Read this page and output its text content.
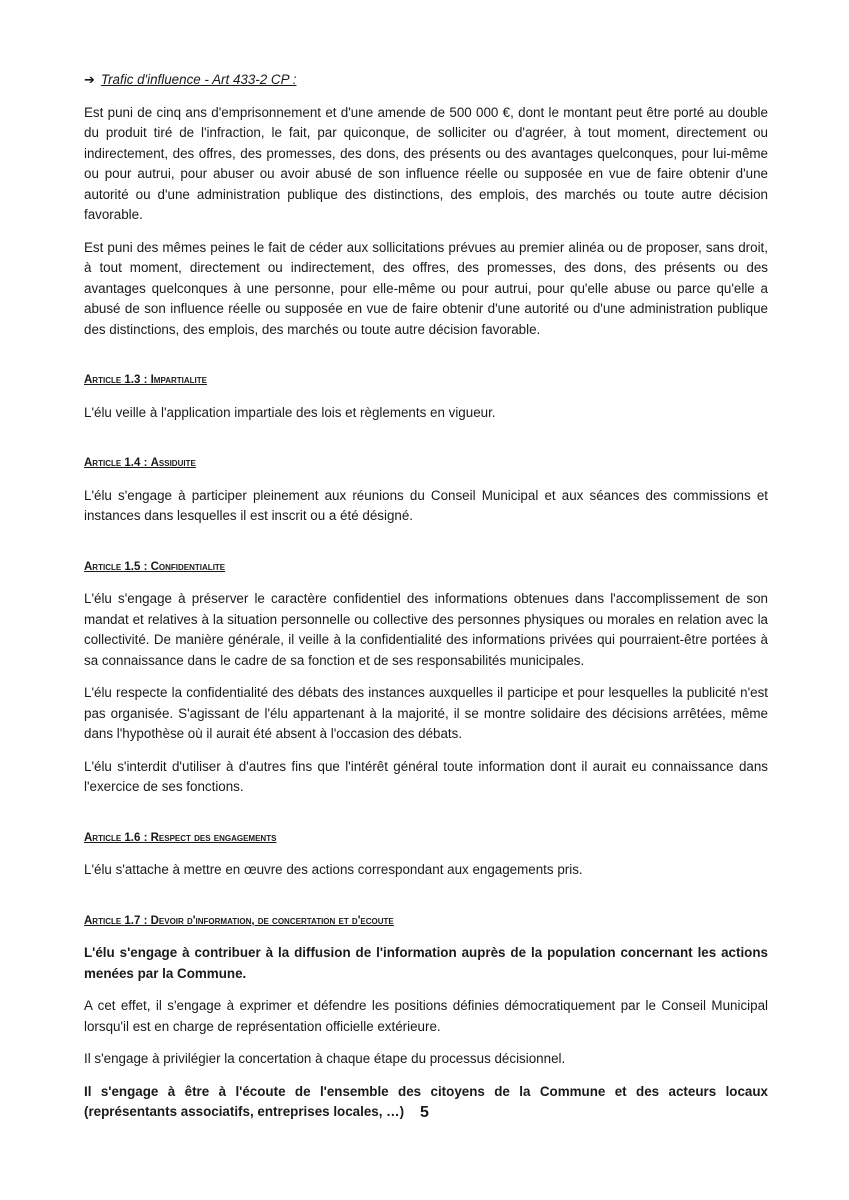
➔ Trafic d'influence - Art 433-2 CP :

Est puni de cinq ans d'emprisonnement et d'une amende de 500 000 €, dont le montant peut être porté au double du produit tiré de l'infraction, le fait, par quiconque, de solliciter ou d'agréer, à tout moment, directement ou indirectement, des offres, des promesses, des dons, des présents ou des avantages quelconques, pour lui-même ou pour autrui, pour abuser ou avoir abusé de son influence réelle ou supposée en vue de faire obtenir d'une autorité ou d'une administration publique des distinctions, des emplois, des marchés ou toute autre décision favorable.

Est puni des mêmes peines le fait de céder aux sollicitations prévues au premier alinéa ou de proposer, sans droit, à tout moment, directement ou indirectement, des offres, des promesses, des dons, des présents ou des avantages quelconques à une personne, pour elle-même ou pour autrui, pour qu'elle abuse ou parce qu'elle a abusé de son influence réelle ou supposée en vue de faire obtenir d'une autorité ou d'une administration publique des distinctions, des emplois, des marchés ou toute autre décision favorable.

Article 1.3 : Impartialite

L'élu veille à l'application impartiale des lois et règlements en vigueur.

Article 1.4 : Assiduite

L'élu s'engage à participer pleinement aux réunions du Conseil Municipal et aux séances des commissions et instances dans lesquelles il est inscrit ou a été désigné.

Article 1.5 : Confidentialite

L'élu s'engage à préserver le caractère confidentiel des informations obtenues dans l'accomplissement de son mandat et relatives à la situation personnelle ou collective des personnes physiques ou morales en relation avec la collectivité. De manière générale, il veille à la confidentialité des informations privées qui pourraient-être portées à sa connaissance dans le cadre de sa fonction et de ses responsabilités municipales.

L'élu respecte la confidentialité des débats des instances auxquelles il participe et pour lesquelles la publicité n'est pas organisée. S'agissant de l'élu appartenant à la majorité, il se montre solidaire des décisions arrêtées, même dans l'hypothèse où il aurait été absent à l'occasion des débats.

L'élu s'interdit d'utiliser à d'autres fins que l'intérêt général toute information dont il aurait eu connaissance dans l'exercice de ses fonctions.

Article 1.6 : Respect des engagements

L'élu s'attache à mettre en œuvre des actions correspondant aux engagements pris.

Article 1.7 : Devoir d'information, de concertation et d'ecoute

L'élu s'engage à contribuer à la diffusion de l'information auprès de la population concernant les actions menées par la Commune.

A cet effet, il s'engage à exprimer et défendre les positions définies démocratiquement par le Conseil Municipal lorsqu'il est en charge de représentation officielle extérieure.

Il s'engage à privilégier la concertation à chaque étape du processus décisionnel.

Il s'engage à être à l'écoute de l'ensemble des citoyens de la Commune et des acteurs locaux (représentants associatifs, entreprises locales, …)	5
